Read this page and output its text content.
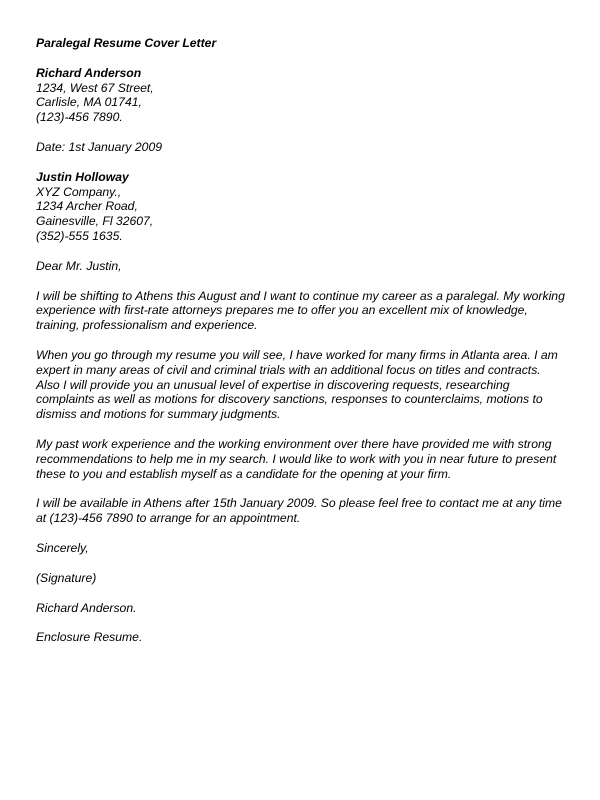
Paralegal Resume Cover Letter
Richard Anderson
1234, West 67 Street,
Carlisle, MA 01741,
(123)-456 7890.
Date: 1st January 2009
Justin Holloway
XYZ Company.,
1234 Archer Road,
Gainesville, Fl 32607,
(352)-555 1635.
Dear Mr. Justin,

I will be shifting to Athens this August and I want to continue my career as a paralegal. My working
experience with first-rate attorneys prepares me to offer you an excellent mix of knowledge,
training, professionalism and experience.

When you go through my resume you will see, I have worked for many firms in Atlanta area. I am
expert in many areas of civil and criminal trials with an additional focus on titles and contracts.
Also I will provide you an unusual level of expertise in discovering requests, researching
complaints as well as motions for discovery sanctions, responses to counterclaims, motions to
dismiss and motions for summary judgments.

My past work experience and the working environment over there have provided me with strong
recommendations to help me in my search. I would like to work with you in near future to present
these to you and establish myself as a candidate for the opening at your firm.

I will be available in Athens after 15th January 2009. So please feel free to contact me at any time
at (123)-456 7890 to arrange for an appointment.

Sincerely,
(Signature)
Richard Anderson.
Enclosure Resume.
